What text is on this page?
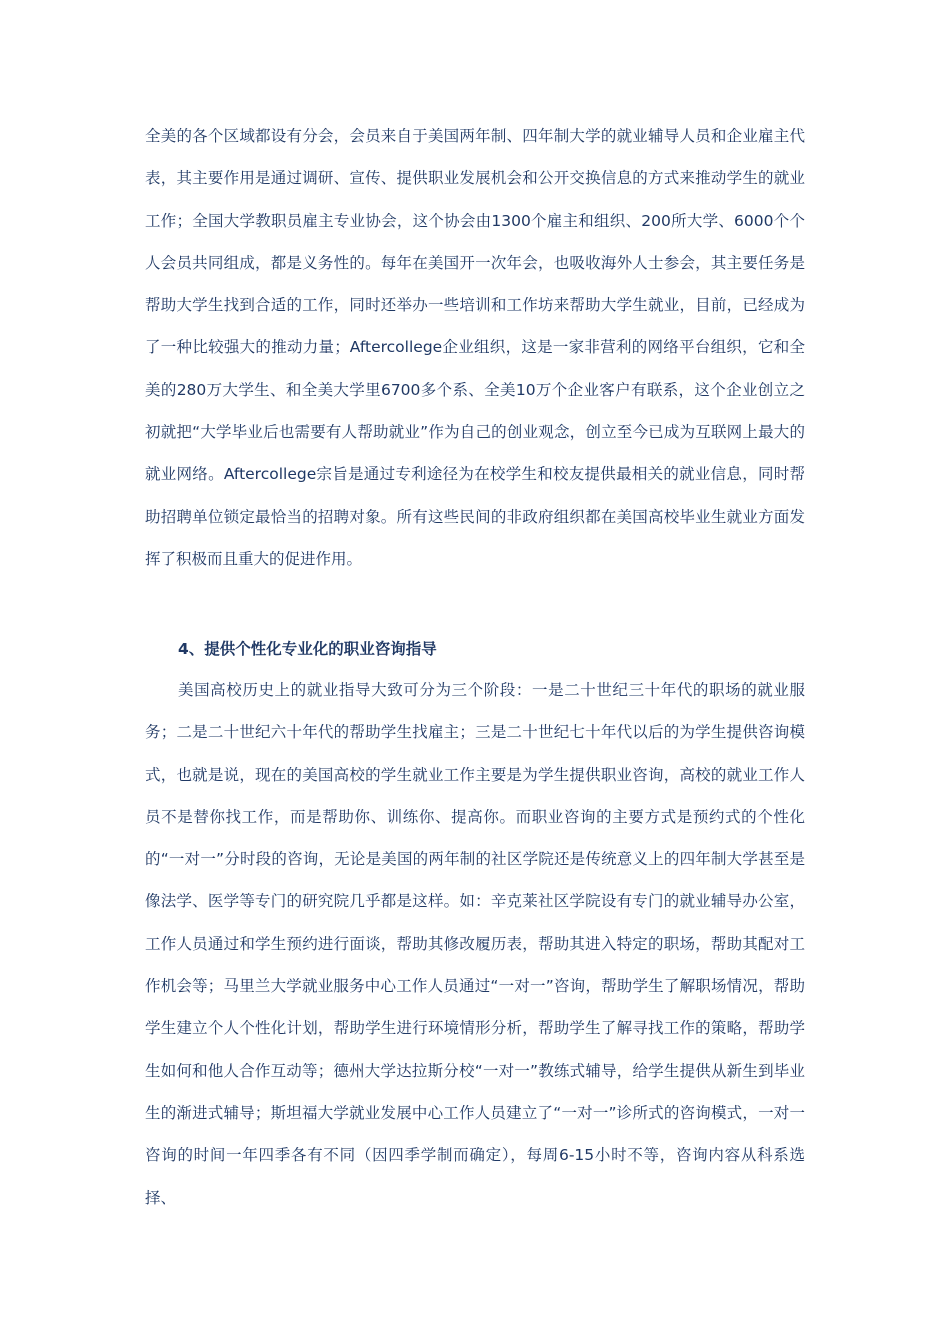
全美的各个区域都设有分会，会员来自于美国两年制、四年制大学的就业辅导人员和企业雇主代表，其主要作用是通过调研、宣传、提供职业发展机会和公开交换信息的方式来推动学生的就业工作；全国大学教职员雇主专业协会，这个协会由1300个雇主和组织、200所大学、6000个个人会员共同组成，都是义务性的。每年在美国开一次年会，也吸收海外人士参会，其主要任务是帮助大学生找到合适的工作，同时还举办一些培训和工作坊来帮助大学生就业，目前，已经成为了一种比较强大的推动力量；Aftercollege企业组织，这是一家非营利的网络平台组织，它和全美的280万大学生、和全美大学里6700多个系、全美10万个企业客户有联系，这个企业创立之初就把“大学毕业后也需要有人帮助就业”作为自己的创业观念，创立至今已成为互联网上最大的就业网络。Aftercollege宗旨是通过专利途径为在校学生和校友提供最相关的就业信息，同时帮助招聘单位锁定最恰当的招聘对象。所有这些民间的非政府组织都在美国高校毕业生就业方面发挥了积极而且重大的促进作用。

4、提供个性化专业化的职业咨询指导

美国高校历史上的就业指导大致可分为三个阶段：一是二十世纪三十年代的职场的就业服务；二是二十世纪六十年代的帮助学生找雇主；三是二十世纪七十年代以后的为学生提供咨询模式，也就是说，现在的美国高校的学生就业工作主要是为学生提供职业咨询，高校的就业工作人员不是替你找工作，而是帮助你、训练你、提高你。而职业咨询的主要方式是预约式的个性化的“一对一”分时段的咨询，无论是美国的两年制的社区学院还是传统意义上的四年制大学甚至是像法学、医学等专门的研究院几乎都是这样。如：辛克莱社区学院设有专门的就业辅导办公室，工作人员通过和学生预约进行面谈，帮助其修改履历表，帮助其进入特定的职场，帮助其配对工作机会等；马里兰大学就业服务中心工作人员通过“一对一”咨询，帮助学生了解职场情况，帮助学生建立个人个性化计划，帮助学生进行环境情形分析，帮助学生了解寻找工作的策略，帮助学生如何和他人合作互动等；德州大学达拉斯分校“一对一”教练式辅导，给学生提供从新生到毕业生的渐进式辅导；斯坦福大学就业发展中心工作人员建立了“一对一”诊所式的咨询模式，一对一咨询的时间一年四季各有不同（因四季学制而确定），每周6-15小时不等，咨询内容从科系选择、
